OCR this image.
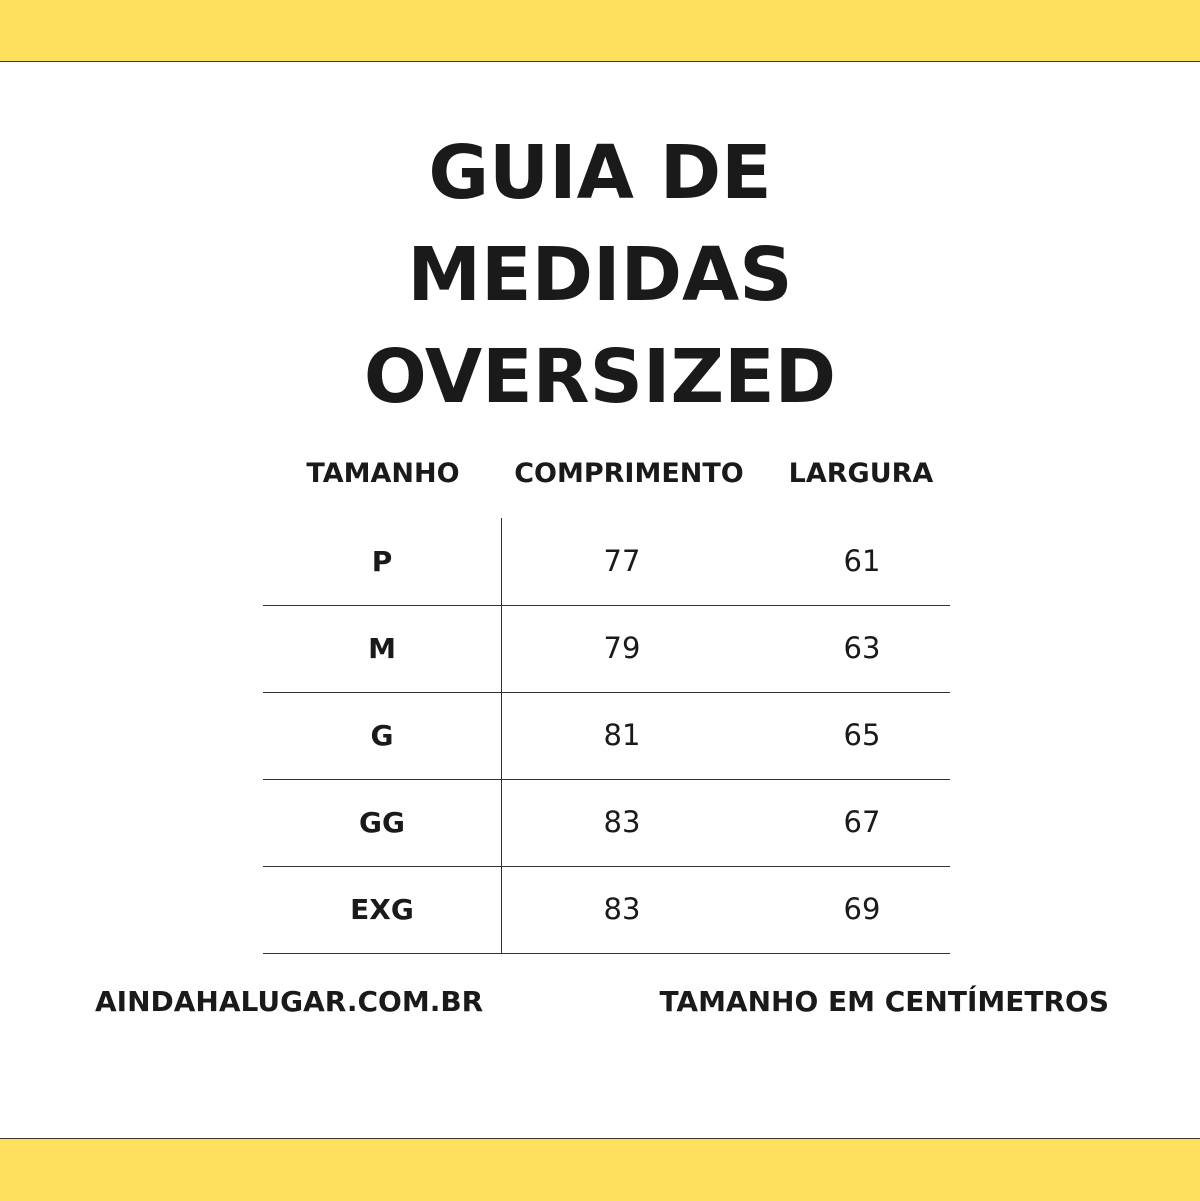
GUIA DE
MEDIDAS
OVERSIZED
TAMANHO	COMPRIMENTO	LARGURA
P	77	61
M	79	63
G	81	65
GG	83	67
EXG	83	69
AINDAHALUGAR.COM.BR	TAMANHO EM CENTÍMETROS
